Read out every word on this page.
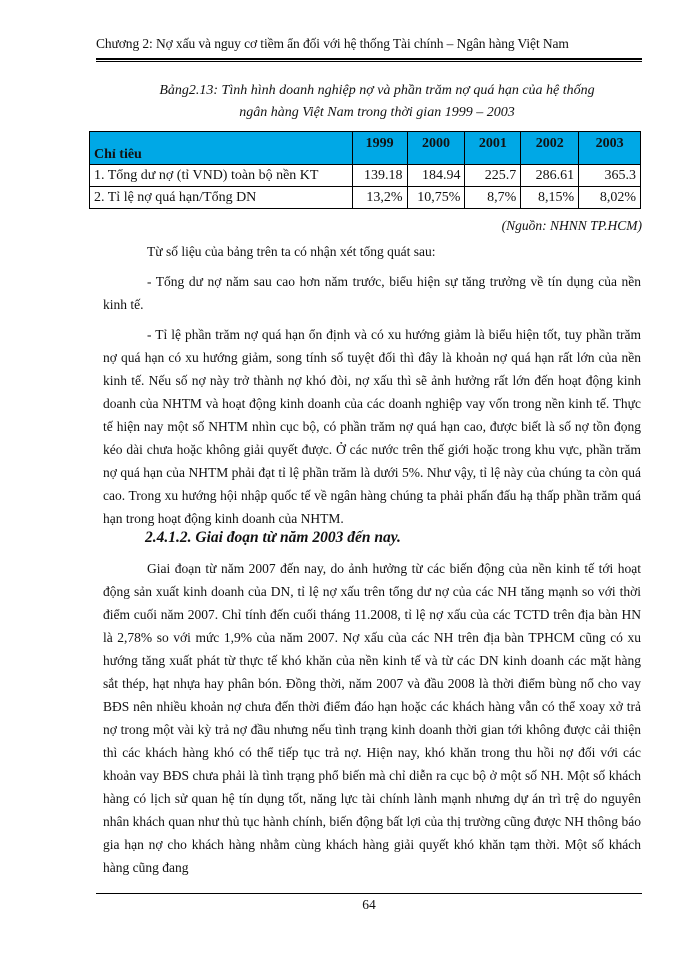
Chương 2: Nợ xấu và nguy cơ tiềm ẩn đối với hệ thống Tài chính – Ngân hàng Việt Nam
Bảng2.13: Tình hình doanh nghiệp nợ và phần trăm nợ quá hạn của hệ thống
ngân hàng Việt Nam trong thời gian 1999 – 2003
Chỉ tiêu	1999	2000	2001	2002	2003
1. Tổng dư nợ (tỉ VND) toàn bộ nền KT	139.18	184.94	225.7	286.61	365.3
2. Tỉ lệ nợ quá hạn/Tổng DN	13,2%	10,75%	8,7%	8,15%	8,02%
(Nguồn: NHNN TP.HCM)

Từ số liệu của bảng trên ta có nhận xét tổng quát sau:

- Tổng dư nợ năm sau cao hơn năm trước, biểu hiện sự tăng trưởng về tín dụng của nền kinh tế.

- Tỉ lệ phần trăm nợ quá hạn ổn định và có xu hướng giảm là biểu hiện tốt, tuy phần trăm nợ quá hạn có xu hướng giảm, song tính số tuyệt đối thì đây là khoản nợ quá hạn rất lớn của nền kinh tế. Nếu số nợ này trở thành nợ khó đòi, nợ xấu thì sẽ ảnh hưởng rất lớn đến hoạt động kinh doanh của NHTM và hoạt động kinh doanh của các doanh nghiệp vay vốn trong nền kinh tế. Thực tế hiện nay một số NHTM nhìn cục bộ, có phần trăm nợ quá hạn cao, được biết là số nợ tồn đọng kéo dài chưa hoặc không giải quyết được. Ở các nước trên thế giới hoặc trong khu vực, phần trăm nợ quá hạn của NHTM phải đạt tỉ lệ phần trăm là dưới 5%. Như vậy, tỉ lệ này của chúng ta còn quá cao. Trong xu hướng hội nhập quốc tế về ngân hàng chúng ta phải phấn đấu hạ thấp phần trăm quá hạn trong hoạt động kinh doanh của NHTM.

2.4.1.2. Giai đoạn từ năm 2003 đến nay.

Giai đoạn từ năm 2007 đến nay, do ảnh hưởng từ các biến động của nền kinh tế tới hoạt động sản xuất kinh doanh của DN, tỉ lệ nợ xấu trên tổng dư nợ của các NH tăng mạnh so với thời điểm cuối năm 2007. Chỉ tính đến cuối tháng 11.2008, tỉ lệ nợ xấu của các TCTD trên địa bàn HN là 2,78% so với mức 1,9% của năm 2007. Nợ xấu của các NH trên địa bàn TPHCM cũng có xu hướng tăng xuất phát từ thực tế khó khăn của nền kinh tế và từ các DN kinh doanh các mặt hàng sắt thép, hạt nhựa hay phân bón. Đồng thời, năm 2007 và đầu 2008 là thời điểm bùng nổ cho vay BĐS nên nhiều khoản nợ chưa đến thời điểm đáo hạn hoặc các khách hàng vẫn có thể xoay xở trả nợ trong một vài kỳ trả nợ đầu nhưng nếu tình trạng kinh doanh thời gian tới không được cải thiện thì các khách hàng khó có thể tiếp tục trả nợ. Hiện nay, khó khăn trong thu hồi nợ đối với các khoản vay BĐS chưa phải là tình trạng phổ biến mà chỉ diễn ra cục bộ ở một số NH. Một số khách hàng có lịch sử quan hệ tín dụng tốt, năng lực tài chính lành mạnh nhưng dự án trì trệ do nguyên nhân khách quan như thủ tục hành chính, biến động bất lợi của thị trường cũng được NH thông báo gia hạn nợ cho khách hàng nhằm cùng khách hàng giải quyết khó khăn tạm thời. Một số khách hàng cũng đang

64
